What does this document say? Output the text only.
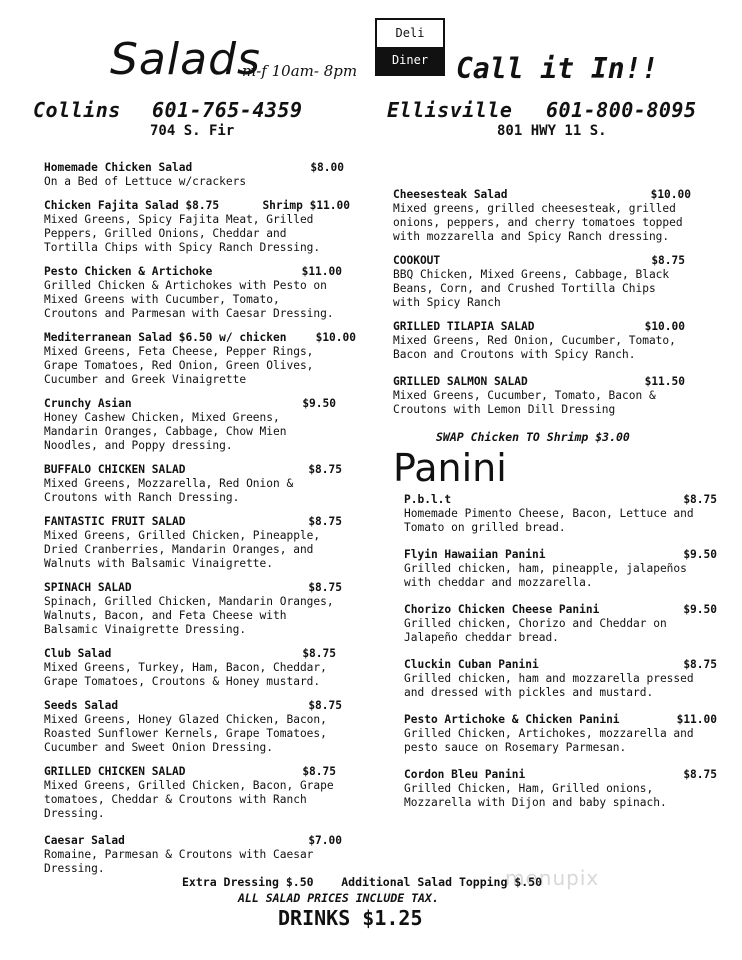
Deli
Diner
Salads
m-f 10am- 8pm	Call it In!!
Collins 601-765-4359
704 S. Fir
Ellisville 601-800-8095
801 HWY 11 S.
Homemade Chicken Salad	$8.00
On a Bed of Lettuce w/crackers
Chicken Fajita Salad $8.75	Shrimp $11.00
Mixed Greens, Spicy Fajita Meat, Grilled
Peppers, Grilled Onions, Cheddar and
Tortilla Chips with Spicy Ranch Dressing.
Pesto Chicken & Artichoke	$11.00
Grilled Chicken & Artichokes with Pesto on
Mixed Greens with Cucumber, Tomato,
Croutons and Parmesan with Caesar Dressing.
Mediterranean Salad $6.50 w/ chicken	$10.00
Mixed Greens, Feta Cheese, Pepper Rings,
Grape Tomatoes, Red Onion, Green Olives,
Cucumber and Greek Vinaigrette
Crunchy Asian	$9.50
Honey Cashew Chicken, Mixed Greens,
Mandarin Oranges, Cabbage, Chow Mien
Noodles, and Poppy dressing.
BUFFALO CHICKEN SALAD	$8.75
Mixed Greens, Mozzarella, Red Onion &
Croutons with Ranch Dressing.
FANTASTIC FRUIT SALAD	$8.75
Mixed Greens, Grilled Chicken, Pineapple,
Dried Cranberries, Mandarin Oranges, and
Walnuts with Balsamic Vinaigrette.
SPINACH SALAD	$8.75
Spinach, Grilled Chicken, Mandarin Oranges,
Walnuts, Bacon, and Feta Cheese with
Balsamic Vinaigrette Dressing.
Club Salad	$8.75
Mixed Greens, Turkey, Ham, Bacon, Cheddar,
Grape Tomatoes, Croutons & Honey mustard.
Seeds Salad	$8.75
Mixed Greens, Honey Glazed Chicken, Bacon,
Roasted Sunflower Kernels, Grape Tomatoes,
Cucumber and Sweet Onion Dressing.
GRILLED CHICKEN SALAD	$8.75
Mixed Greens, Grilled Chicken, Bacon, Grape
tomatoes, Cheddar & Croutons with Ranch
Dressing.
Caesar Salad	$7.00
Romaine, Parmesan & Croutons with Caesar
Dressing.
Cheesesteak Salad	$10.00
Mixed greens, grilled cheesesteak, grilled
onions, peppers, and cherry tomatoes topped
with mozzarella and Spicy Ranch dressing.
COOKOUT	$8.75
BBQ Chicken, Mixed Greens, Cabbage, Black
Beans, Corn, and Crushed Tortilla Chips
with Spicy Ranch
GRILLED TILAPIA SALAD	$10.00
Mixed Greens, Red Onion, Cucumber, Tomato,
Bacon and Croutons with Spicy Ranch.
GRILLED SALMON SALAD	$11.50
Mixed Greens, Cucumber, Tomato, Bacon &
Croutons with Lemon Dill Dressing
SWAP Chicken TO Shrimp $3.00
Panini
P.b.l.t	$8.75
Homemade Pimento Cheese, Bacon, Lettuce and
Tomato on grilled bread.
Flyin Hawaiian Panini	$9.50
Grilled chicken, ham, pineapple, jalapeños
with cheddar and mozzarella.
Chorizo Chicken Cheese Panini	$9.50
Grilled chicken, Chorizo and Cheddar on
Jalapeño cheddar bread.
Cluckin Cuban Panini	$8.75
Grilled chicken, ham and mozzarella pressed
and dressed with pickles and mustard.
Pesto Artichoke & Chicken Panini	$11.00
Grilled Chicken, Artichokes, mozzarella and
pesto sauce on Rosemary Parmesan.
Cordon Bleu Panini	$8.75
Grilled Chicken, Ham, Grilled onions,
Mozzarella with Dijon and baby spinach.
menupix
Extra Dressing $.50    Additional Salad Topping $.50
ALL SALAD PRICES INCLUDE TAX.
DRINKS $1.25
